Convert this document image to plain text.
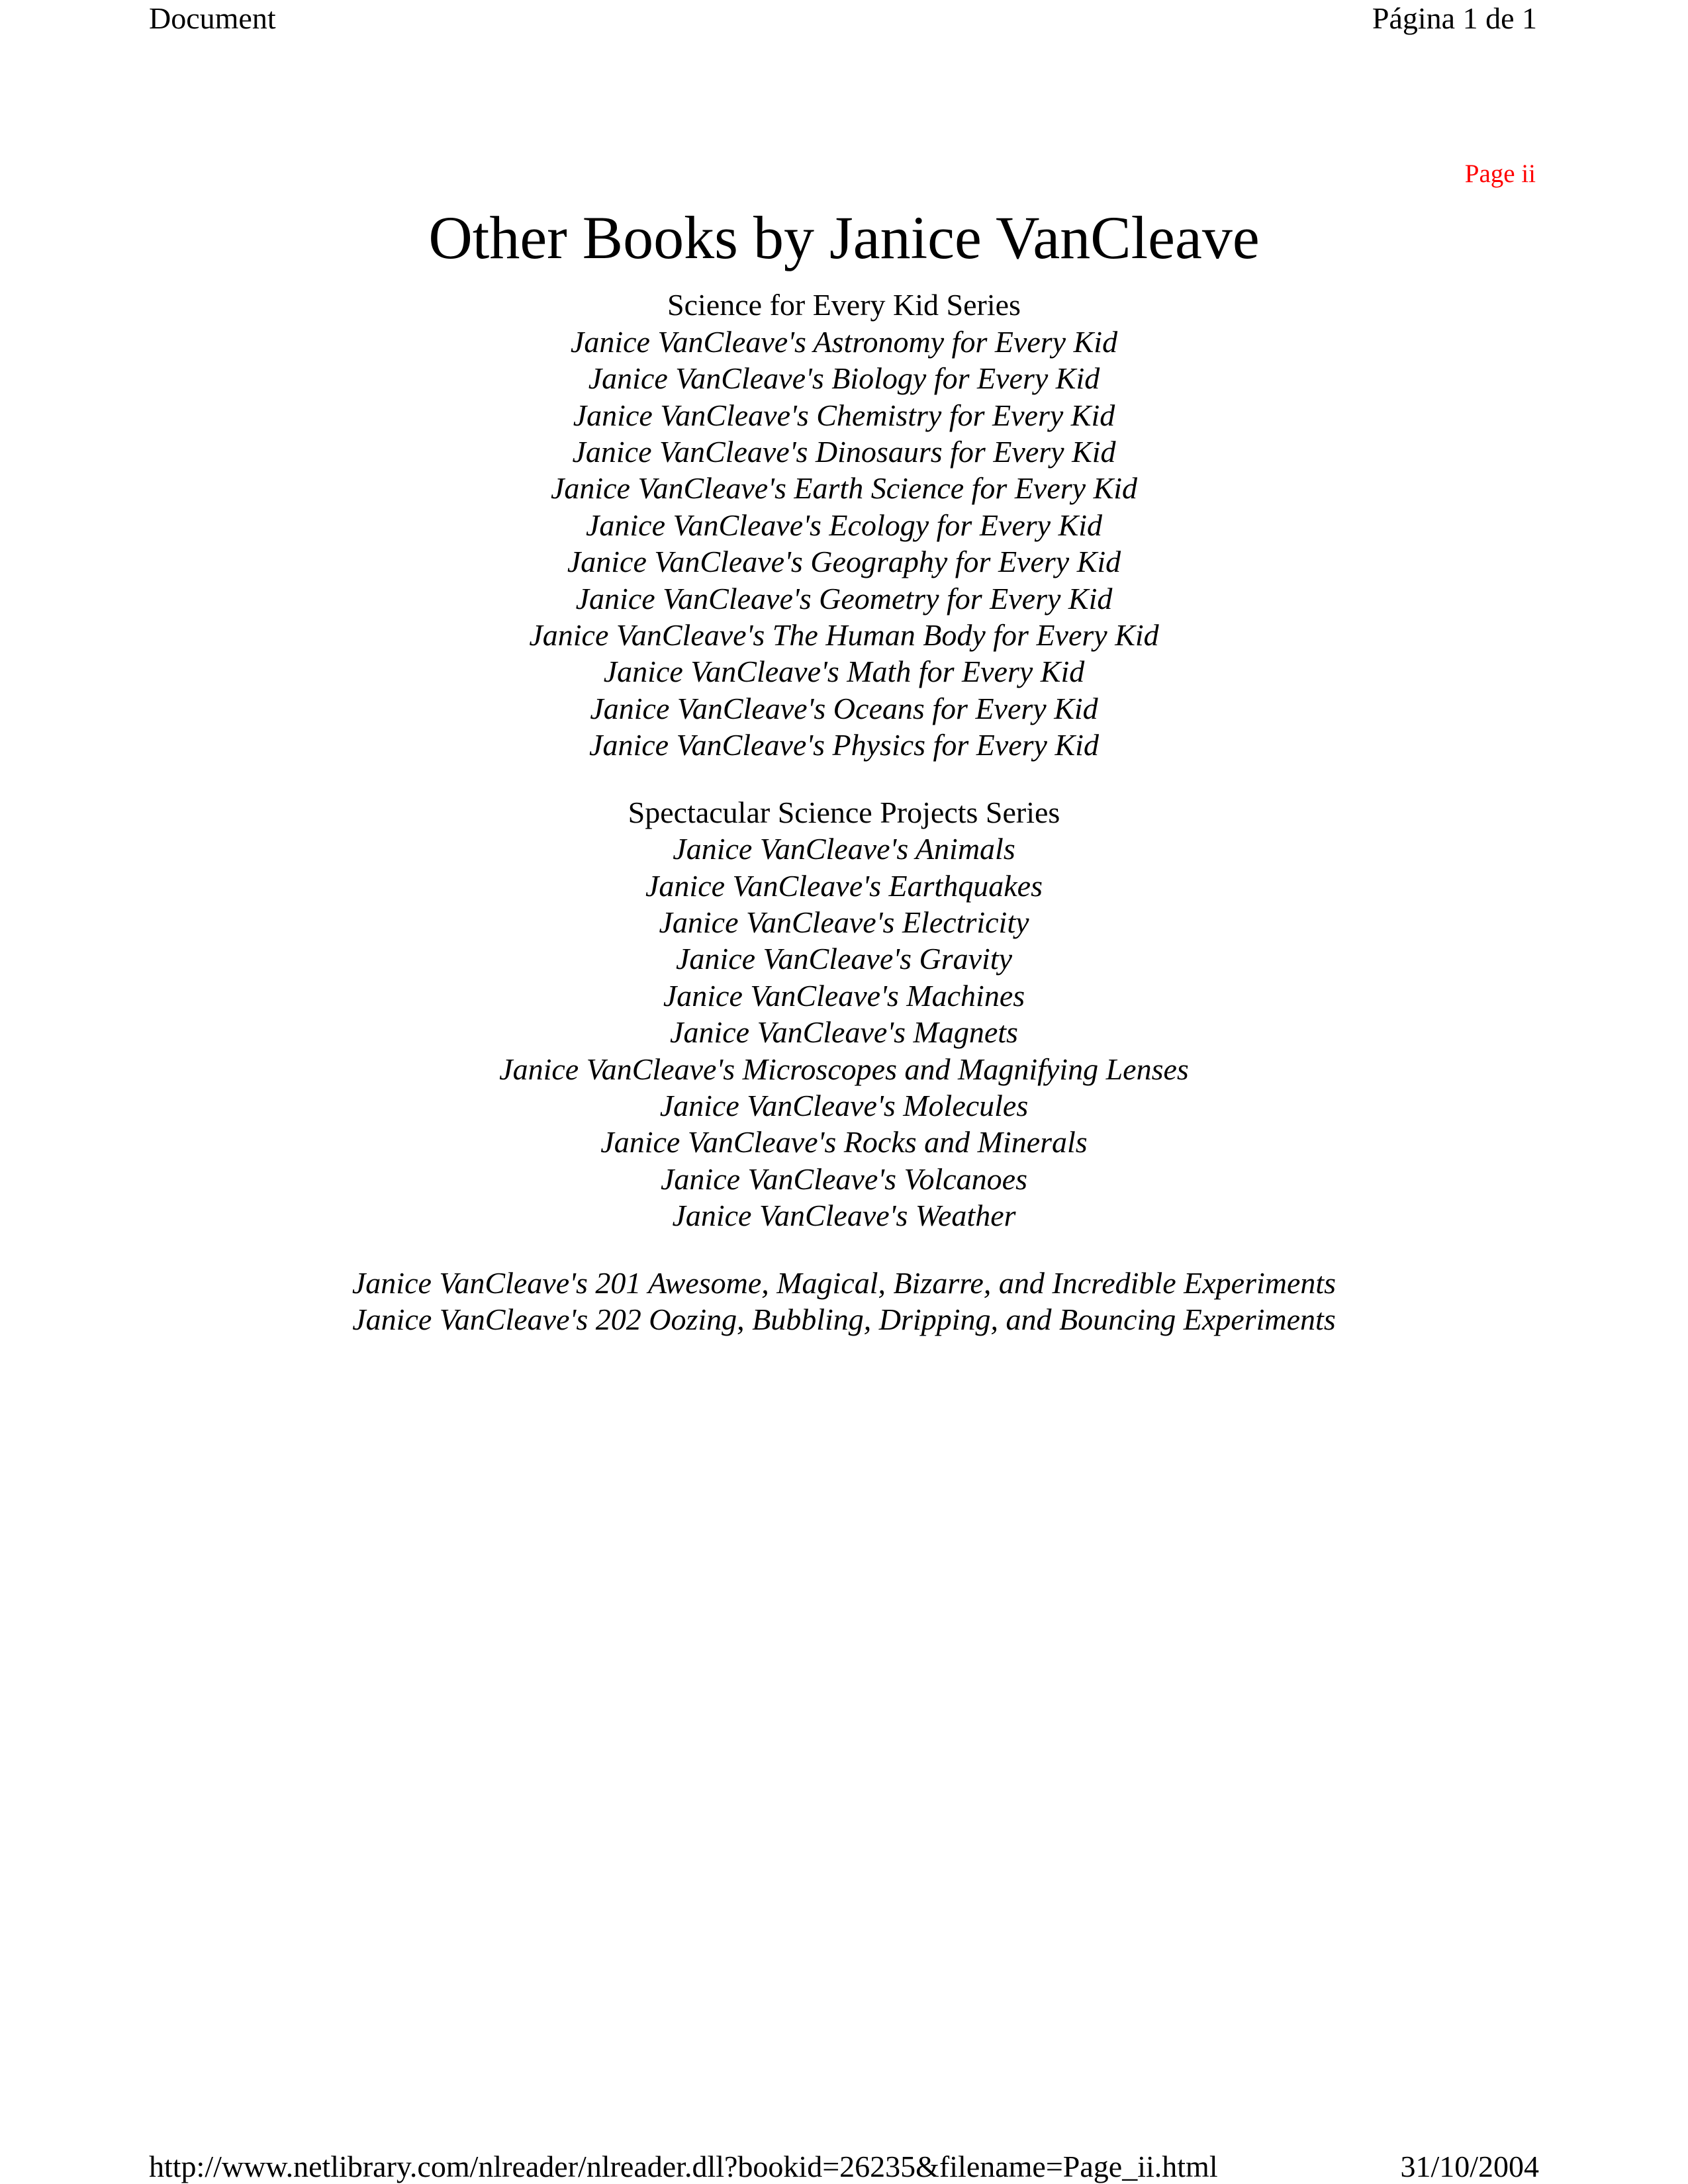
Document	Página 1 de 1
Page ii
Other Books by Janice VanCleave
Science for Every Kid Series
Janice VanCleave's Astronomy for Every Kid
Janice VanCleave's Biology for Every Kid
Janice VanCleave's Chemistry for Every Kid
Janice VanCleave's Dinosaurs for Every Kid
Janice VanCleave's Earth Science for Every Kid
Janice VanCleave's Ecology for Every Kid
Janice VanCleave's Geography for Every Kid
Janice VanCleave's Geometry for Every Kid
Janice VanCleave's The Human Body for Every Kid
Janice VanCleave's Math for Every Kid
Janice VanCleave's Oceans for Every Kid
Janice VanCleave's Physics for Every Kid
Spectacular Science Projects Series
Janice VanCleave's Animals
Janice VanCleave's Earthquakes
Janice VanCleave's Electricity
Janice VanCleave's Gravity
Janice VanCleave's Machines
Janice VanCleave's Magnets
Janice VanCleave's Microscopes and Magnifying Lenses
Janice VanCleave's Molecules
Janice VanCleave's Rocks and Minerals
Janice VanCleave's Volcanoes
Janice VanCleave's Weather
Janice VanCleave's 201 Awesome, Magical, Bizarre, and Incredible Experiments
Janice VanCleave's 202 Oozing, Bubbling, Dripping, and Bouncing Experiments
http://www.netlibrary.com/nlreader/nlreader.dll?bookid=26235&filename=Page_ii.html	31/10/2004
